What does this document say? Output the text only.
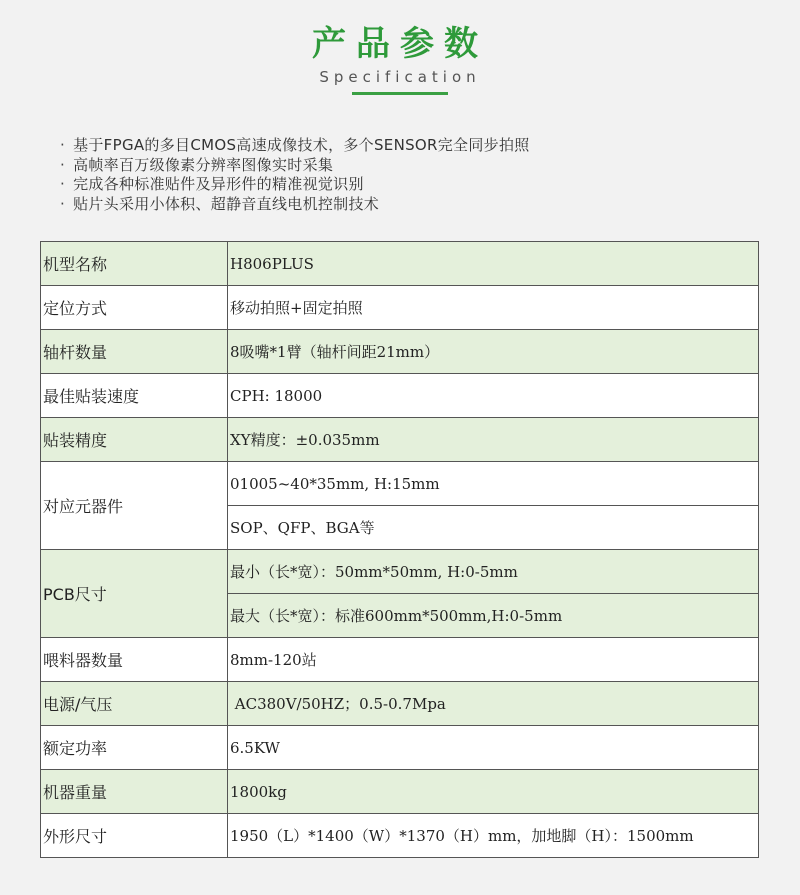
产品参数
Specification
· 基于FPGA的多目CMOS高速成像技术，多个SENSOR完全同步拍照
· 高帧率百万级像素分辨率图像实时采集
· 完成各种标准贴件及异形件的精准视觉识别
· 贴片头采用小体积、超静音直线电机控制技术
机型名称	H806PLUS
定位方式	移动拍照+固定拍照
轴杆数量	8吸嘴*1臂（轴杆间距21mm）
最佳贴装速度	CPH: 18000
贴装精度	XY精度：±0.035mm
对应元器件	01005~40*35mm, H:15mm
	SOP、QFP、BGA等
PCB尺寸	最小（长*宽）：50mm*50mm, H:0-5mm
	最大（长*宽）：标准600mm*500mm,H:0-5mm
喂料器数量	8mm-120站
电源/气压	AC380V/50HZ；0.5-0.7Mpa
额定功率	6.5KW
机器重量	1800kg
外形尺寸	1950（L）*1400（W）*1370（H）mm，加地脚（H）：1500mm
